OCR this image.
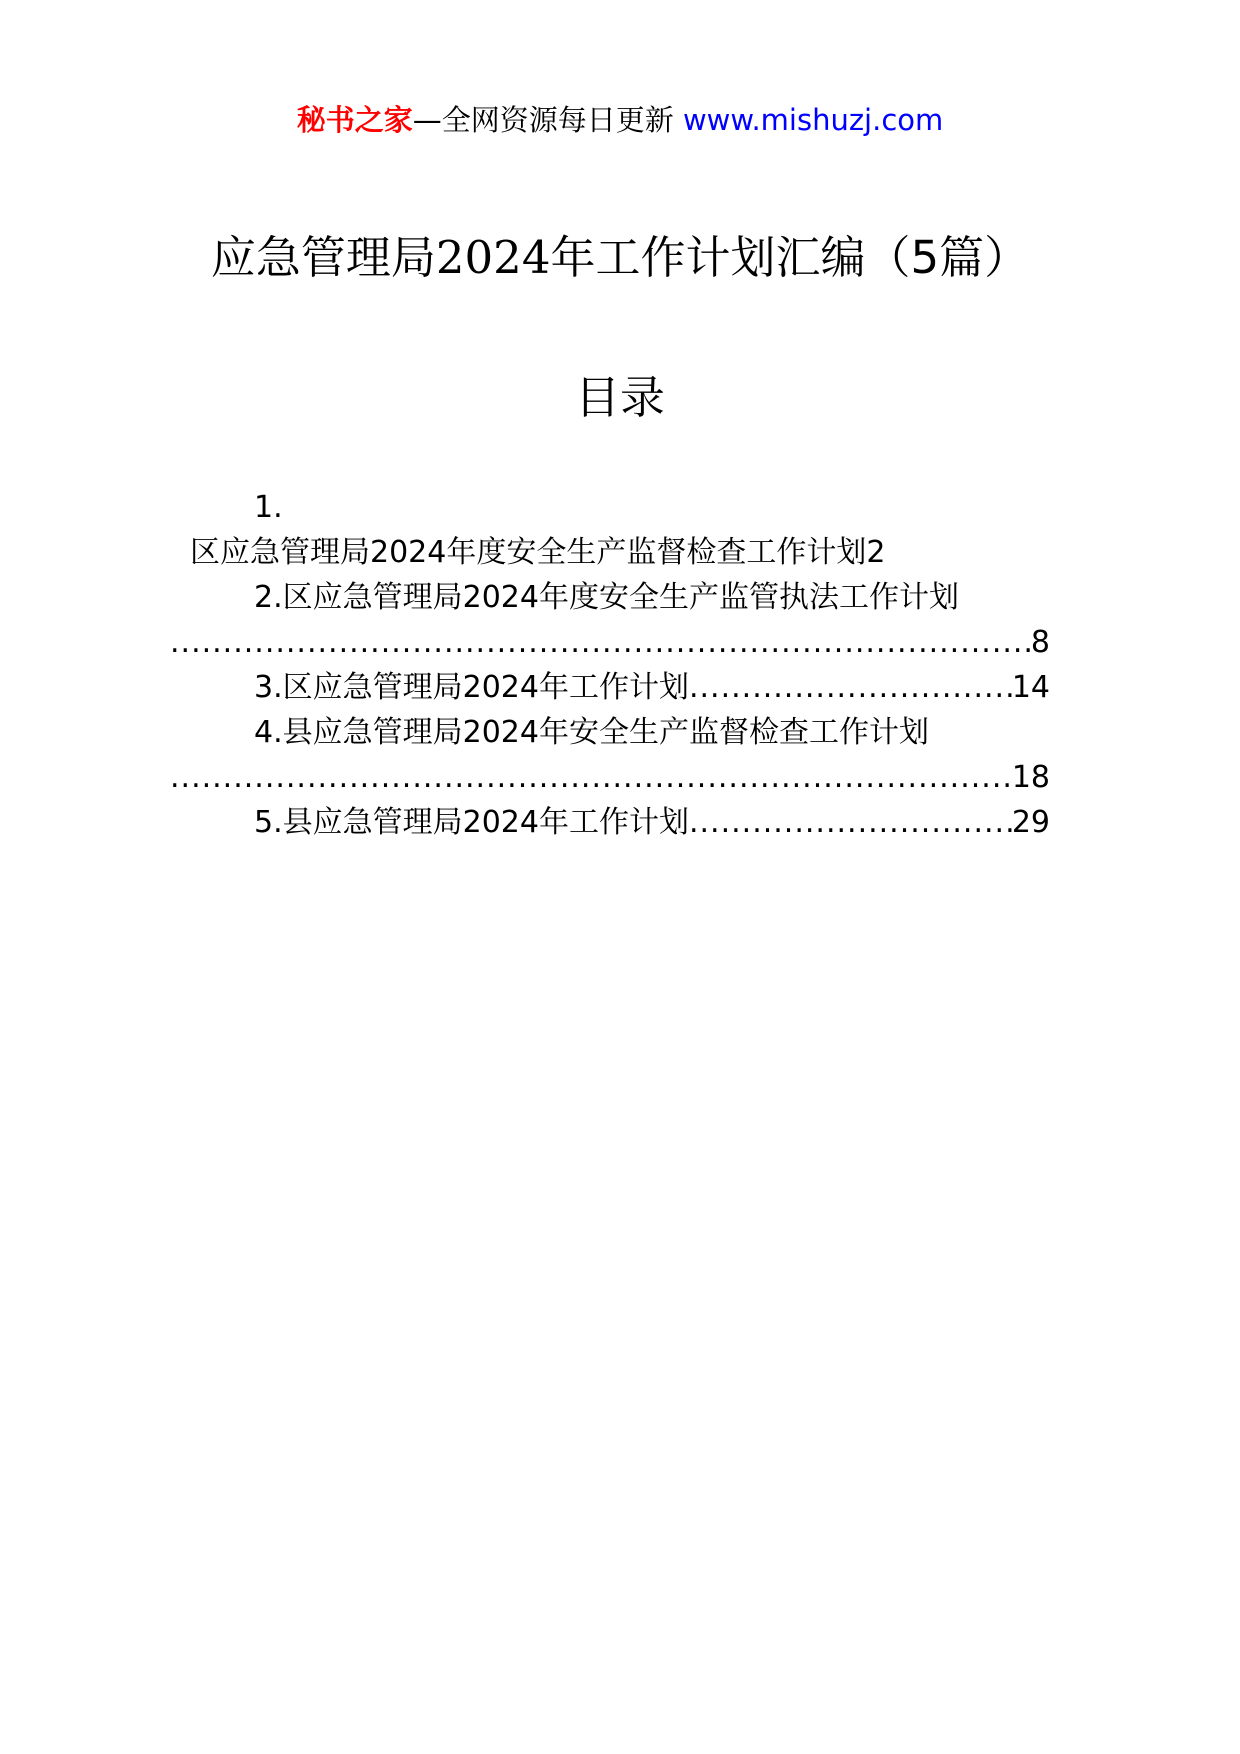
秘书之家—全网资源每日更新 www.mishuzj.com
应急管理局2024年工作计划汇编（5篇）
目录
1.
区应急管理局2024年度安全生产监督检查工作计划2
2.区应急管理局2024年度安全生产监管执法工作计划
.....
8
3. 区应急管理局2024年工作计划 .....	14
4.县应急管理局2024年安全生产监督检查工作计划
.....
18
5. 县应急管理局2024年工作计划 .....	29
